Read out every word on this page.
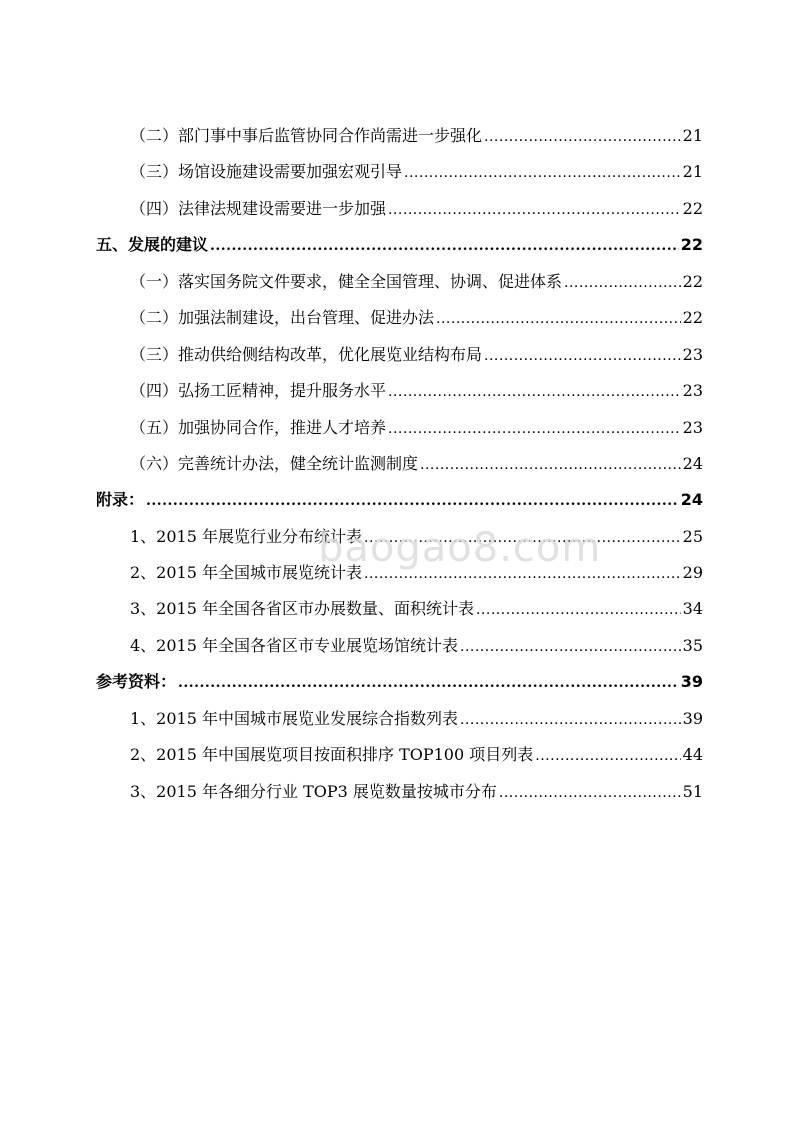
（二）部门事中事后监管协同合作尚需进一步强化 .....	21
（三）场馆设施建设需要加强宏观引导 .....	21
（四）法律法规建设需要进一步加强 .....	22
五、发展的建议 .....	22
（一）落实国务院文件要求，健全全国管理、协调、促进体系 .....	22
（二）加强法制建设，出台管理、促进办法 .....	22
（三）推动供给侧结构改革，优化展览业结构布局 .....	23
（四）弘扬工匠精神，提升服务水平 .....	23
（五）加强协同合作，推进人才培养 .....	23
（六）完善统计办法，健全统计监测制度 .....	24
附录： .....	24
1、2015 年展览行业分布统计表 .....	25
2、2015 年全国城市展览统计表 .....	29
3、2015 年全国各省区市办展数量、面积统计表 .....	34
4、2015 年全国各省区市专业展览场馆统计表 .....	35
参考资料： .....	39
1、2015 年中国城市展览业发展综合指数列表 .....	39
2、2015 年中国展览项目按面积排序 TOP100 项目列表 .....	44
3、2015 年各细分行业 TOP3 展览数量按城市分布 .....	51
baogao8.com
